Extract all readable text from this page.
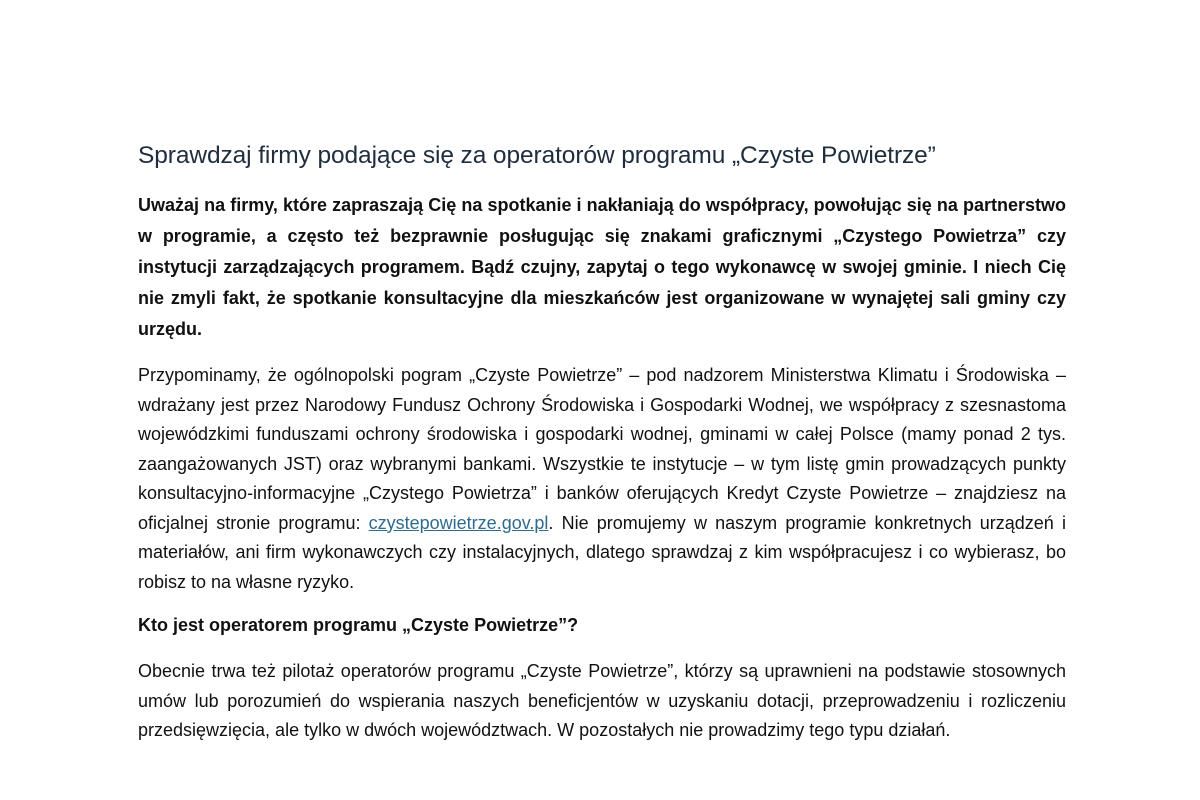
Sprawdzaj firmy podające się za operatorów programu „Czyste Powietrze”

Uważaj na firmy, które zapraszają Cię na spotkanie i nakłaniają do współpracy, powołując się na partnerstwo w programie, a często też bezprawnie posługując się znakami graficznymi „Czystego Powietrza” czy instytucji zarządzających programem. Bądź czujny, zapytaj o tego wykonawcę w swojej gminie. I niech Cię nie zmyli fakt, że spotkanie konsultacyjne dla mieszkańców jest organizowane w wynajętej sali gminy czy urzędu.

Przypominamy, że ogólnopolski pogram „Czyste Powietrze” – pod nadzorem Ministerstwa Klimatu i Środowiska – wdrażany jest przez Narodowy Fundusz Ochrony Środowiska i Gospodarki Wodnej, we współpracy z szesnastoma wojewódzkimi funduszami ochrony środowiska i gospodarki wodnej, gminami w całej Polsce (mamy ponad 2 tys. zaangażowanych JST) oraz wybranymi bankami. Wszystkie te instytucje – w tym listę gmin prowadzących punkty konsultacyjno-informacyjne „Czystego Powietrza” i banków oferujących Kredyt Czyste Powietrze – znajdziesz na oficjalnej stronie programu: czystepowietrze.gov.pl. Nie promujemy w naszym programie konkretnych urządzeń i materiałów, ani firm wykonawczych czy instalacyjnych, dlatego sprawdzaj z kim współpracujesz i co wybierasz, bo robisz to na własne ryzyko.

Kto jest operatorem programu „Czyste Powietrze”?

Obecnie trwa też pilotaż operatorów programu „Czyste Powietrze”, którzy są uprawnieni na podstawie stosownych umów lub porozumień do wspierania naszych beneficjentów w uzyskaniu dotacji, przeprowadzeniu i rozliczeniu przedsięwzięcia, ale tylko w dwóch województwach. W pozostałych nie prowadzimy tego typu działań.
